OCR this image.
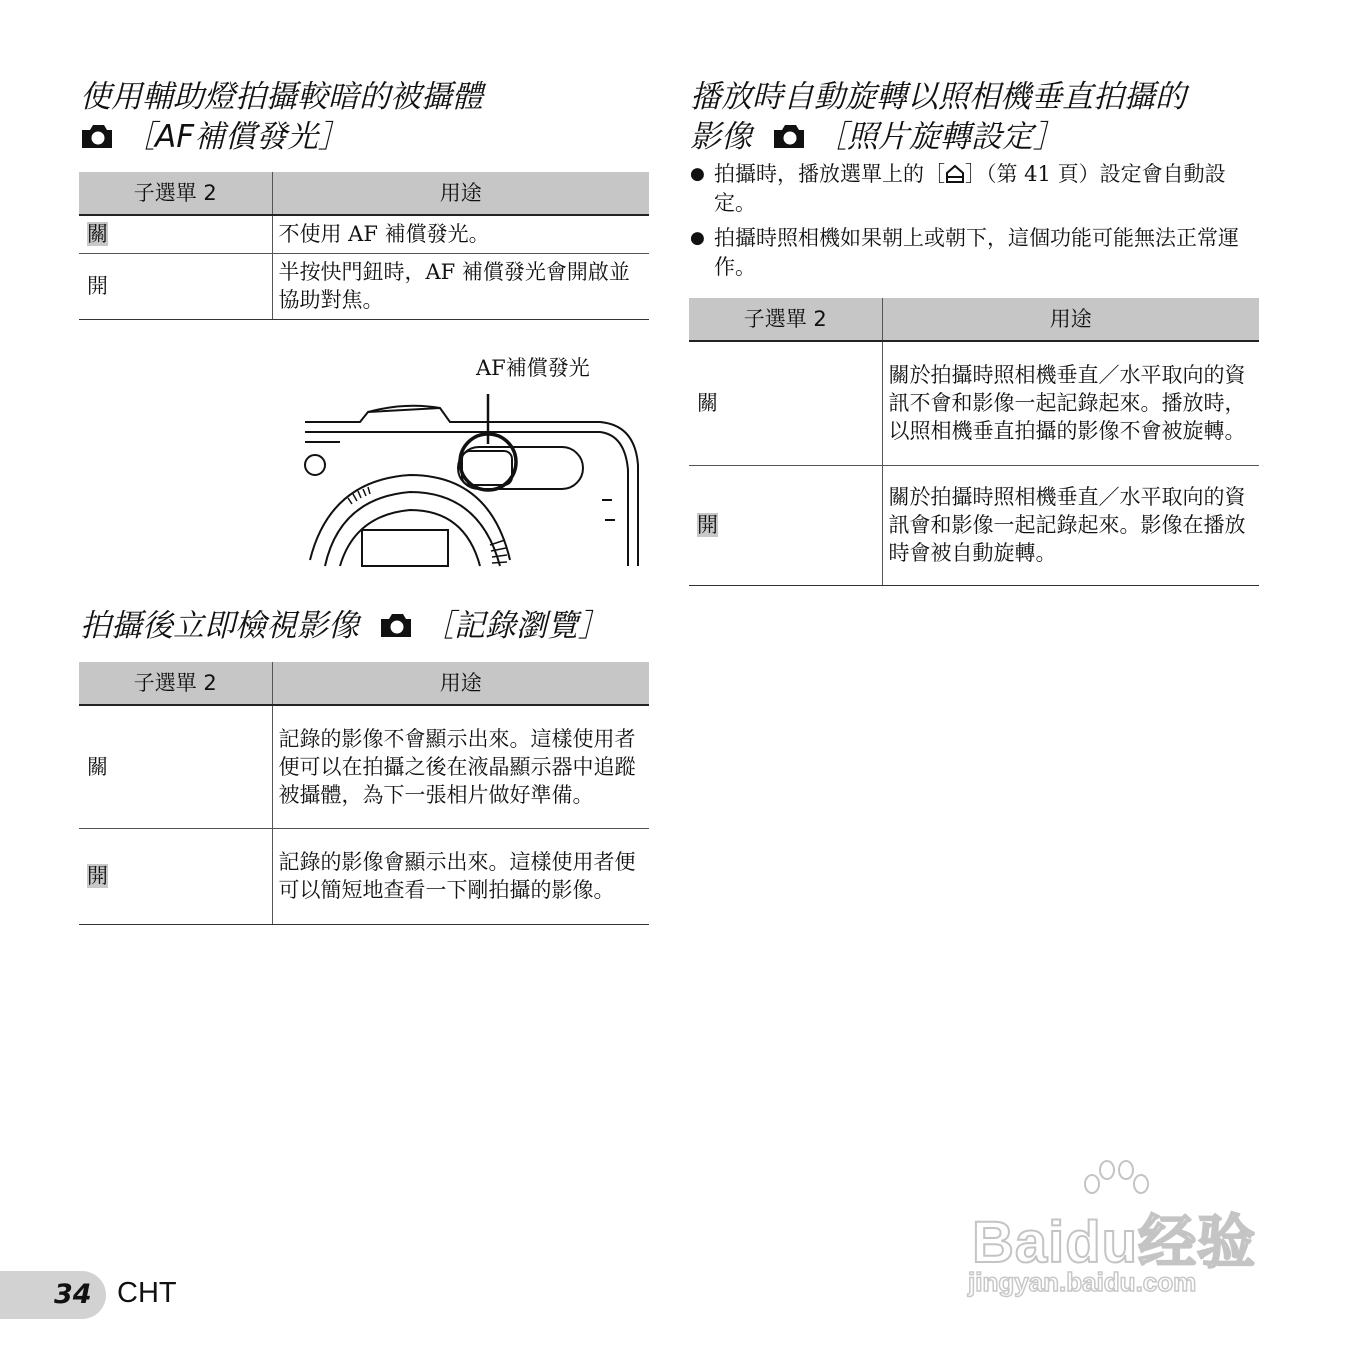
使用輔助燈拍攝較暗的被攝體
［AF補償發光］
子選單 2	用途
關	不使用 AF 補償發光。
開	半按快門鈕時，AF 補償發光會開啟並協助對焦。
AF補償發光
拍攝後立即檢視影像 ［記錄瀏覽］
子選單 2	用途
關	記錄的影像不會顯示出來。這樣使用者便可以在拍攝之後在液晶顯示器中追蹤被攝體，為下一張相片做好準備。
開	記錄的影像會顯示出來。這樣使用者便可以簡短地查看一下剛拍攝的影像。
播放時自動旋轉以照相機垂直拍攝的
影像 ［照片旋轉設定］
● 拍攝時，播放選單上的［ ］（第 41 頁）設定會自動設定。
● 拍攝時照相機如果朝上或朝下，這個功能可能無法正常運作。
子選單 2	用途
關	關於拍攝時照相機垂直／水平取向的資訊不會和影像一起記錄起來。播放時，以照相機垂直拍攝的影像不會被旋轉。
開	關於拍攝時照相機垂直／水平取向的資訊會和影像一起記錄起來。影像在播放時會被自動旋轉。
34 CHT
Baidu经验
jingyan.baidu.com
